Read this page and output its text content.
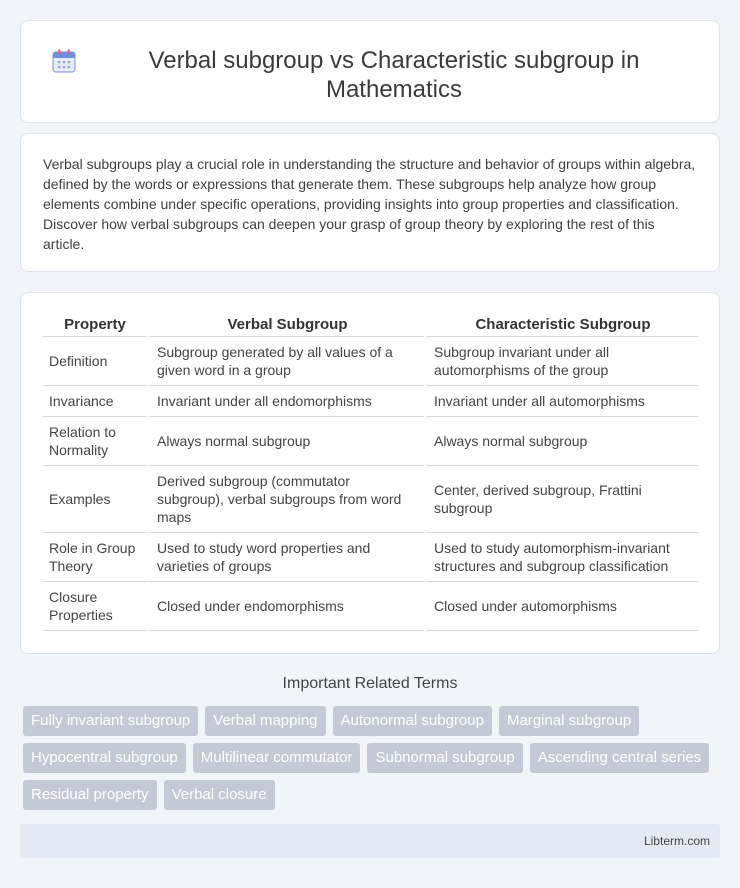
Verbal subgroup vs Characteristic subgroup in Mathematics

Verbal subgroups play a crucial role in understanding the structure and behavior of groups within algebra, defined by the words or expressions that generate them. These subgroups help analyze how group elements combine under specific operations, providing insights into group properties and classification. Discover how verbal subgroups can deepen your grasp of group theory by exploring the rest of this article.

Property	Verbal Subgroup	Characteristic Subgroup
Definition	Subgroup generated by all values of a given word in a group	Subgroup invariant under all automorphisms of the group
Invariance	Invariant under all endomorphisms	Invariant under all automorphisms
Relation to Normality	Always normal subgroup	Always normal subgroup
Examples	Derived subgroup (commutator subgroup), verbal subgroups from word maps	Center, derived subgroup, Frattini subgroup
Role in Group Theory	Used to study word properties and varieties of groups	Used to study automorphism-invariant structures and subgroup classification
Closure Properties	Closed under endomorphisms	Closed under automorphisms
Important Related Terms
Fully invariant subgroup	Verbal mapping	Autonormal subgroup	Marginal subgroup
Hypocentral subgroup	Multilinear commutator	Subnormal subgroup	Ascending central series
Residual property	Verbal closure
Libterm.com
